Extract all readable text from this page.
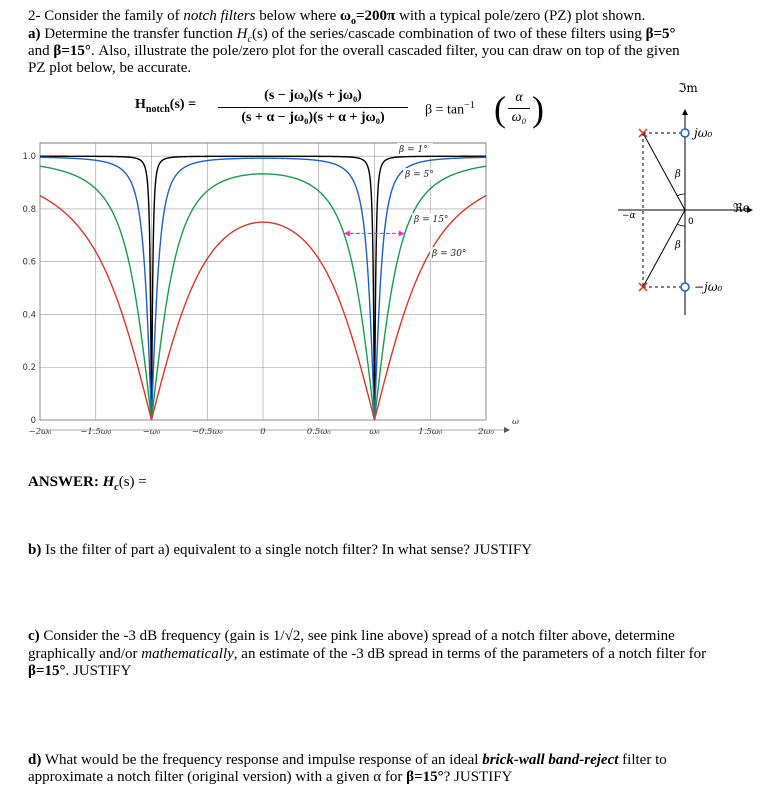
2- Consider the family of notch filters below where $\omega_o=200\pi$ with a typical pole/zero (PZ) plot shown.
a) Determine the transfer function $H_c(s)$ of the series/cascade combination of two of these filters using β=5°
and β=15°. Also, illustrate the pole/zero plot for the overall cascaded filter, you can draw on top of the given
PZ plot below, be accurate.
$H_{notch}(s)$ =
(s − jω₀)(s + jω₀)
(s + α − jω₀)(s + α + jω₀)	$\beta = \tan^{-1}$ ( α
ω₀ )
0
0.2
0.4
0.6
0.8
1.0
−2ω₀	−1.5ω₀	−ω₀	−0.5ω₀	0	0.5ω₀	ω₀	1.5ω₀	2ω₀
ω
β = 1°
β = 5°
β = 15°
β = 30°
ℑm
ℜe
jω₀
−jω₀
0
−α
β
β
ANSWER: $H_c(s)$ =
b) Is the filter of part a) equivalent to a single notch filter? In what sense? JUSTIFY
c) Consider the -3 dB frequency (gain is 1/√2, see pink line above) spread of a notch filter above, determine
graphically and/or mathematically, an estimate of the -3 dB spread in terms of the parameters of a notch filter for
β=15°. JUSTIFY
d) What would be the frequency response and impulse response of an ideal brick-wall band-reject filter to
approximate a notch filter (original version) with a given α for β=15°? JUSTIFY
